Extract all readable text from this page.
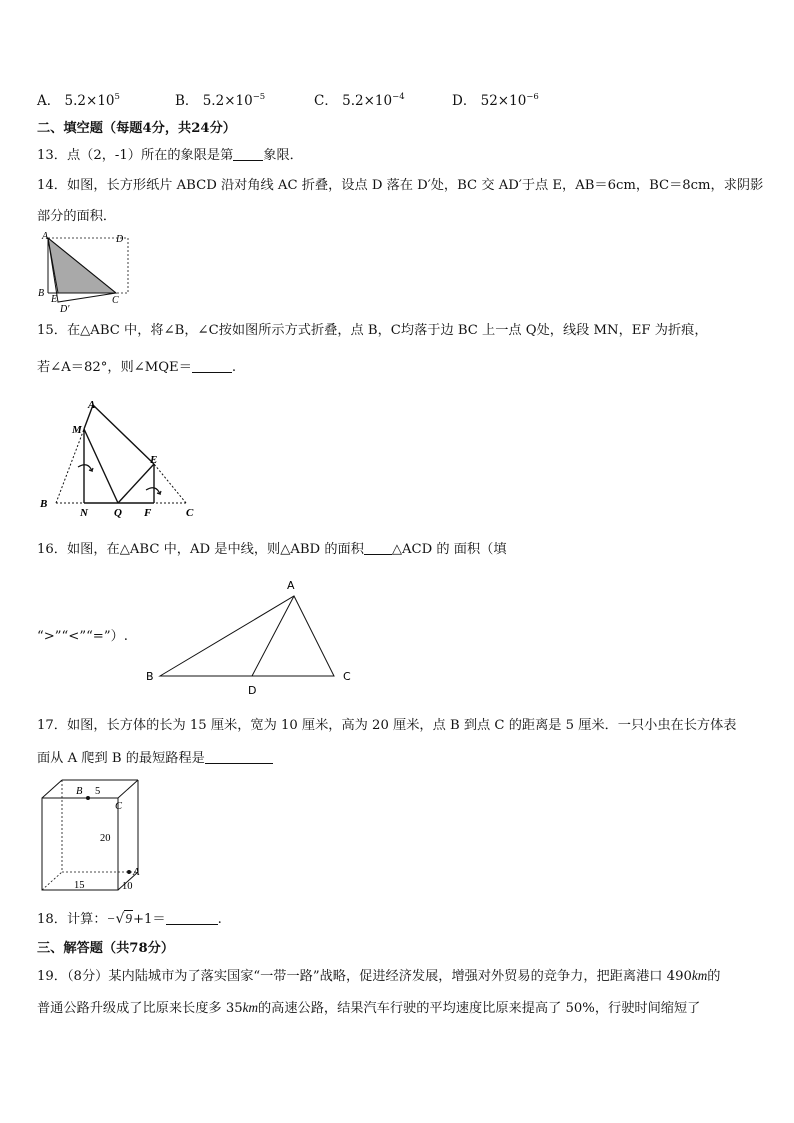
A． $5.2\times 10^5$	B． $5.2\times 10^{-5}$	C． $5.2\times 10^{-4}$	D． $52\times 10^{-6}$
二、填空题（每题4分，共24分）
13．点（2，-1）所在的象限是第 象限．
14．如图，长方形纸片 ABCD 沿对角线 AC 折叠，设点 D 落在 D′处，BC 交 AD′于点 E，AB＝6cm，BC＝8cm，求阴影
部分的面积．
A	D
B
E	C
D′
15．在△ABC 中，将∠B，∠C按如图所示方式折叠，点 B，C均落于边 BC 上一点 Q处，线段 MN，EF 为折痕，
若∠A＝82°，则∠MQE＝	.
A
M
E
B
N Q F	C
16．如图，在△ABC 中，AD 是中线，则△ABD 的面积 △ACD 的 面积（填
A
B
D
C
“>”“<”“=”）.
17．如图，长方体的长为 15 厘米，宽为 10 厘米，高为 20 厘米，点 B 到点 C 的距离是 5 厘米．一只小虫在长方体表
面从 A 爬到 B 的最短路程是
B 5
C
20
A
15	10
18．计算：−√9+1＝	.
三、解答题（共78分）
19．（8分）某内陆城市为了落实国家“一带一路”战略，促进经济发展，增强对外贸易的竞争力，把距离港口 490km的
普通公路升级成了比原来长度多 35km的高速公路，结果汽车行驶的平均速度比原来提高了 50%，行驶时间缩短了
